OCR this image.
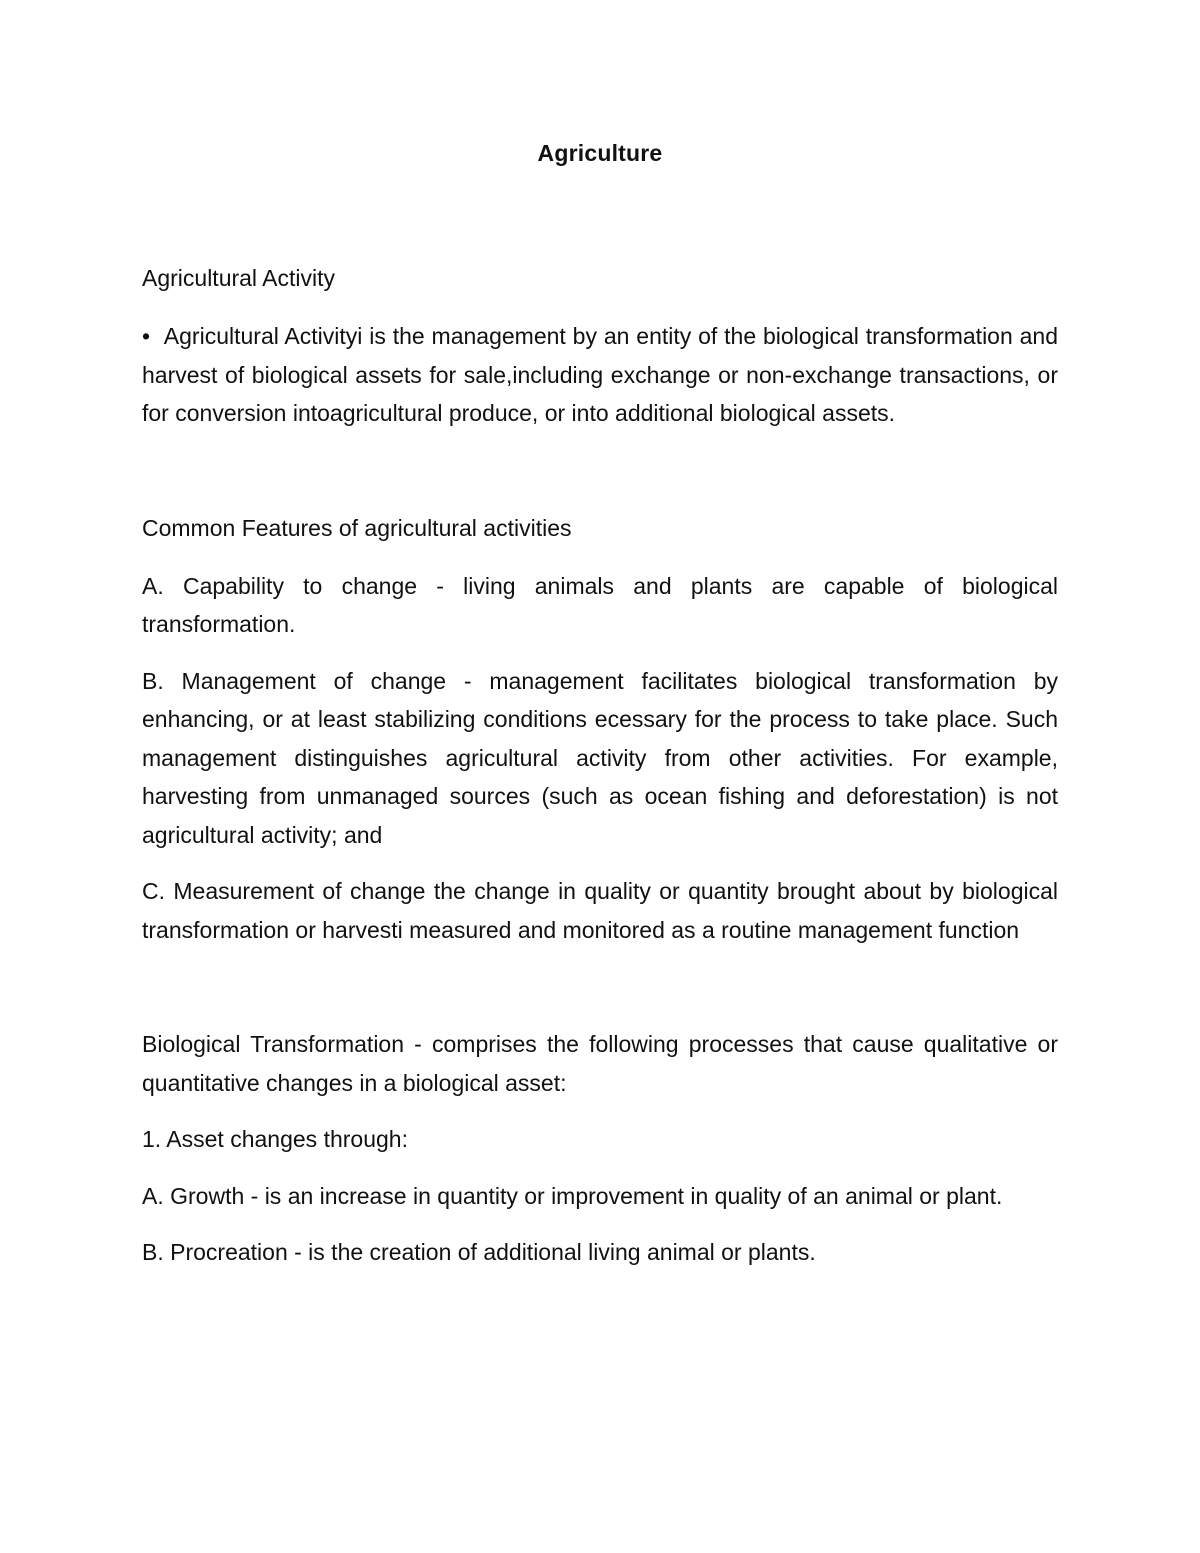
Agriculture

Agricultural Activity

• Agricultural Activityi is the management by an entity of the biological transformation and harvest of biological assets for sale,including exchange or non-exchange transactions, or for conversion intoagricultural produce, or into additional biological assets.

Common Features of agricultural activities

A. Capability to change - living animals and plants are capable of biological transformation.

B. Management of change - management facilitates biological transformation by enhancing, or at least stabilizing conditions ecessary for the process to take place. Such management distinguishes agricultural activity from other activities. For example, harvesting from unmanaged sources (such as ocean fishing and deforestation) is not agricultural activity; and

C. Measurement of change the change in quality or quantity brought about by biological transformation or harvesti measured and monitored as a routine management function

Biological Transformation - comprises the following processes that cause qualitative or quantitative changes in a biological asset:

1. Asset changes through:

A. Growth - is an increase in quantity or improvement in quality of an animal or plant.

B. Procreation - is the creation of additional living animal or plants.
